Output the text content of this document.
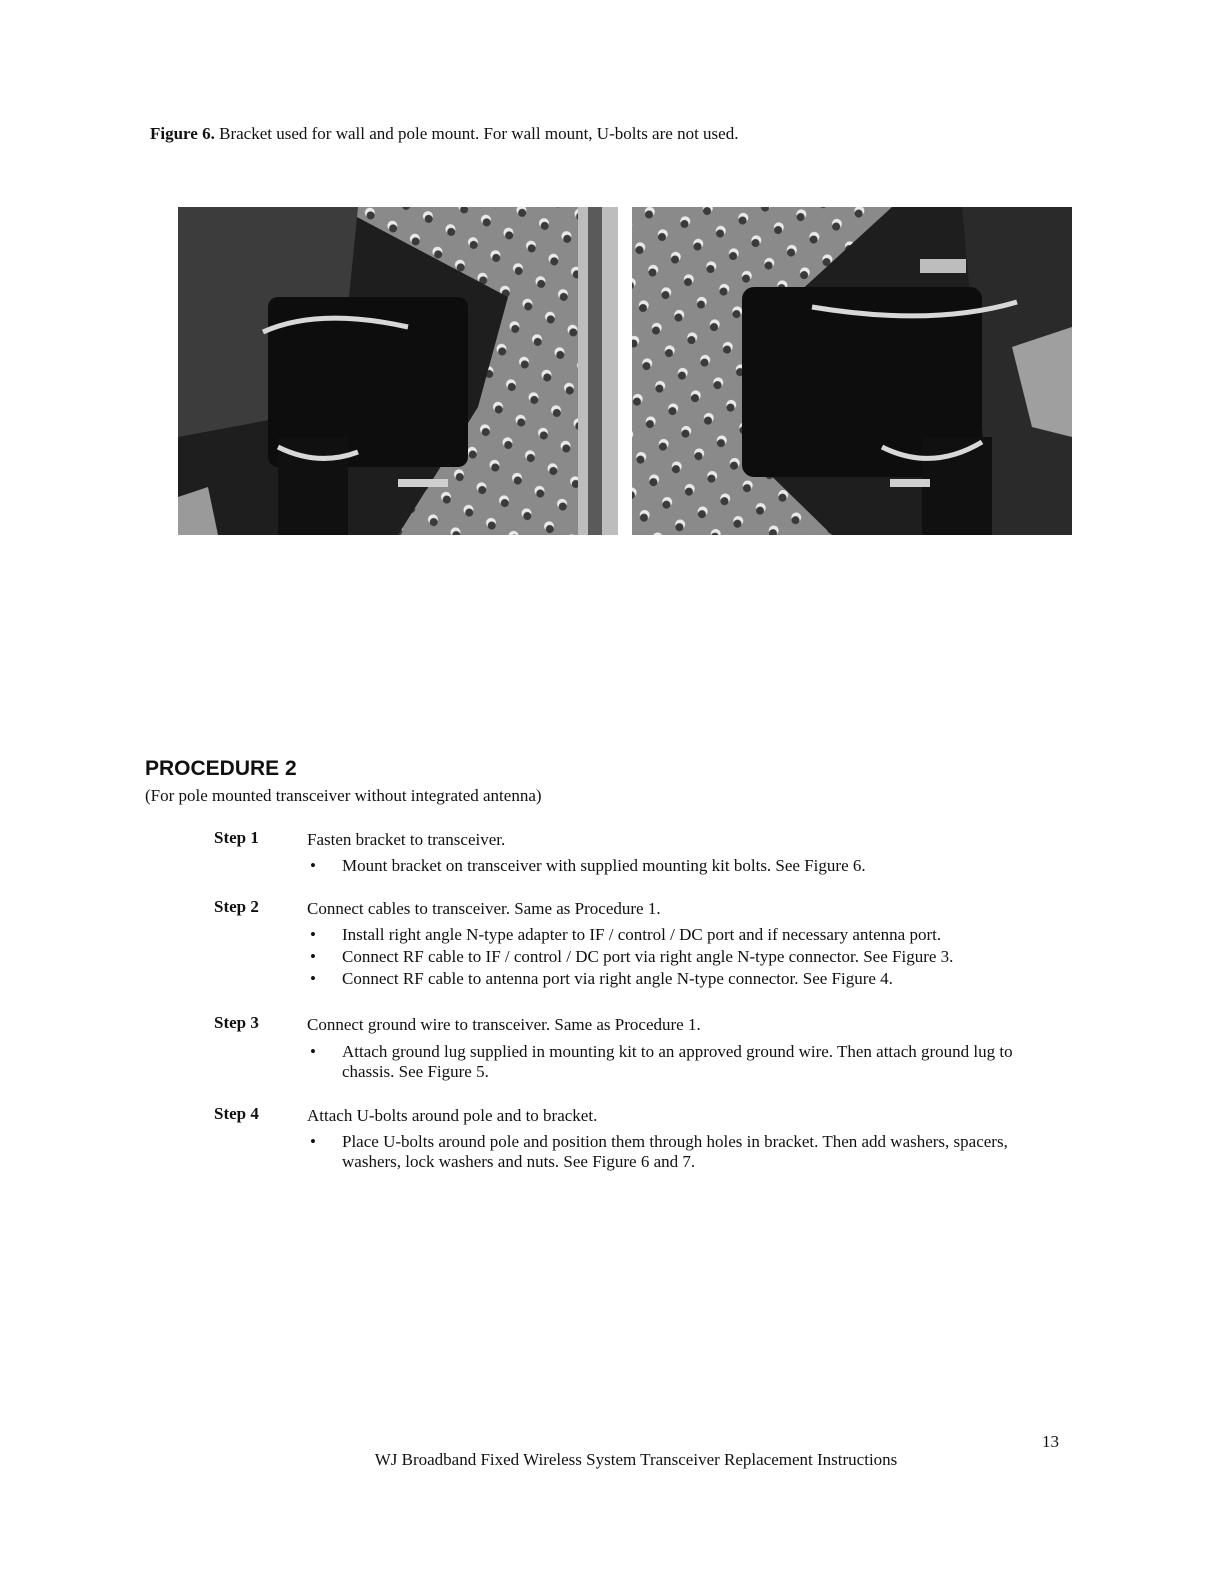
Figure 6. Bracket used for wall and pole mount. For wall mount, U-bolts are not used.
PROCEDURE 2
(For pole mounted transceiver without integrated antenna)
Step 1	Fasten bracket to transceiver.
• Mount bracket on transceiver with supplied mounting kit bolts. See Figure 6.
Step 2	Connect cables to transceiver. Same as Procedure 1.
• Install right angle N-type adapter to IF / control / DC port and if necessary antenna port.
• Connect RF cable to IF / control / DC port via right angle N-type connector. See Figure 3.
• Connect RF cable to antenna port via right angle N-type connector. See Figure 4.
Step 3	Connect ground wire to transceiver. Same as Procedure 1.
• Attach ground lug supplied in mounting kit to an approved ground wire. Then attach ground lug to chassis. See Figure 5.
Step 4	Attach U-bolts around pole and to bracket.
• Place U-bolts around pole and position them through holes in bracket. Then add washers, spacers, washers, lock washers and nuts. See Figure 6 and 7.
13
WJ Broadband Fixed Wireless System Transceiver Replacement Instructions
